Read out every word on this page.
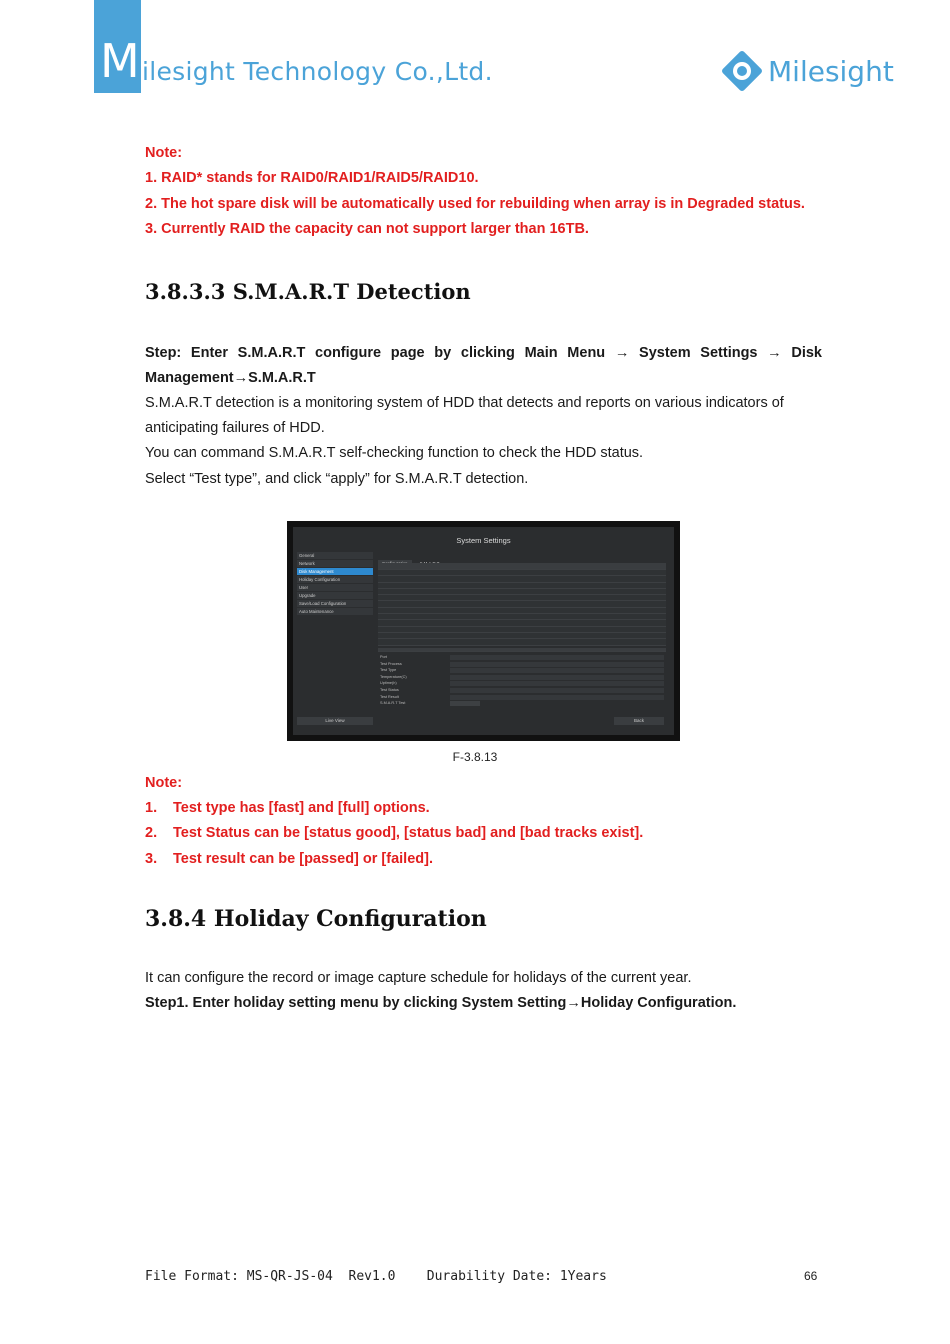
M ilesight Technology Co.,Ltd.	Milesight
Note:
1. RAID* stands for RAID0/RAID1/RAID5/RAID10.
2. The hot spare disk will be automatically used for rebuilding when array is in Degraded status.
3. Currently RAID the capacity can not support larger than 16TB.
3.8.3.3 S.M.A.R.T Detection
Step: Enter S.M.A.R.T configure page by clicking Main Menu → System Settings → Disk
Management→S.M.A.R.T
S.M.A.R.T detection is a monitoring system of HDD that detects and reports on various indicators of anticipating failures of HDD.
You can command S.M.A.R.T self-checking function to check the HDD status.
Select “Test type”, and click “apply” for S.M.A.R.T detection.
System Settings
General
Network
Disk Management
Holiday Configuration
User
Upgrade
Save/Load Configuration
Auto Maintenance
Port
Test Process
Test Type
Temperature(C)
Uptime(h)
Test Status
Test Result
S.M.A.R.T Test
Live View	Back
F-3.8.13
Note:
1. Test type has [fast] and [full] options.
2. Test Status can be [status good], [status bad] and [bad tracks exist].
3. Test result can be [passed] or [failed].
3.8.4 Holiday Configuration
It can configure the record or image capture schedule for holidays of the current year.
Step1. Enter holiday setting menu by clicking System Setting→Holiday Configuration.
File Format: MS-QR-JS-04  Rev1.0    Durability Date: 1Years	66
